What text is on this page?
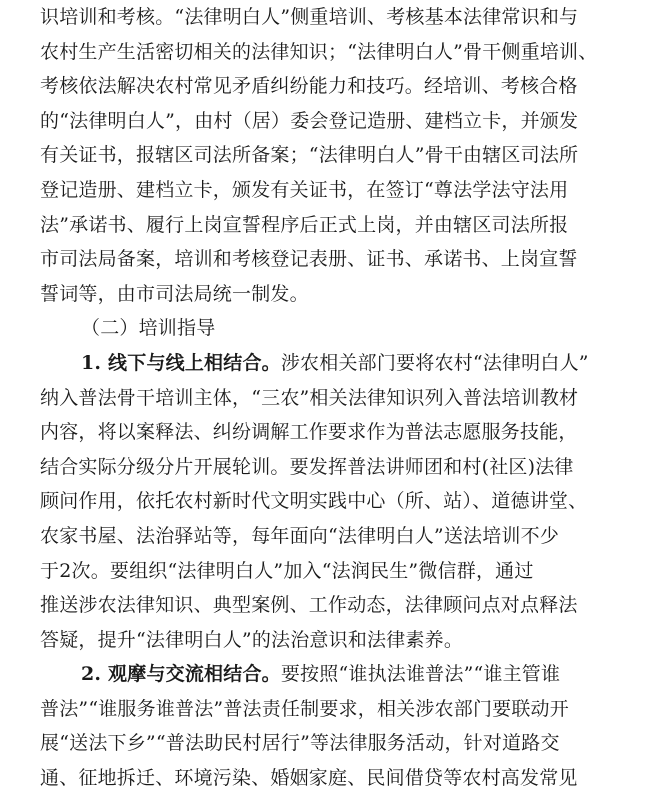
识培训和考核。“法律明白人”侧重培训、考核基本法律常识和与
农村生产生活密切相关的法律知识；“法律明白人”骨干侧重培训、
考核依法解决农村常见矛盾纠纷能力和技巧。经培训、考核合格
的“法律明白人”，由村（居）委会登记造册、建档立卡，并颁发
有关证书，报辖区司法所备案；“法律明白人”骨干由辖区司法所
登记造册、建档立卡，颁发有关证书，在签订“尊法学法守法用
法”承诺书、履行上岗宣誓程序后正式上岗，并由辖区司法所报
市司法局备案，培训和考核登记表册、证书、承诺书、上岗宣誓
誓词等，由市司法局统一制发。
（二）培训指导
1. 线下与线上相结合。涉农相关部门要将农村“法律明白人”
纳入普法骨干培训主体，“三农”相关法律知识列入普法培训教材
内容，将以案释法、纠纷调解工作要求作为普法志愿服务技能，
结合实际分级分片开展轮训。要发挥普法讲师团和村(社区)法律
顾问作用，依托农村新时代文明实践中心（所、站）、道德讲堂、
农家书屋、法治驿站等，每年面向“法律明白人”送法培训不少
于2次。要组织“法律明白人”加入“法润民生”微信群，通过
推送涉农法律知识、典型案例、工作动态，法律顾问点对点释法
答疑，提升“法律明白人”的法治意识和法律素养。
2. 观摩与交流相结合。要按照“谁执法谁普法”“谁主管谁
普法”“谁服务谁普法”普法责任制要求，相关涉农部门要联动开
展“送法下乡”“普法助民村居行”等法律服务活动，针对道路交
通、征地拆迁、环境污染、婚姻家庭、民间借贷等农村高发常见
